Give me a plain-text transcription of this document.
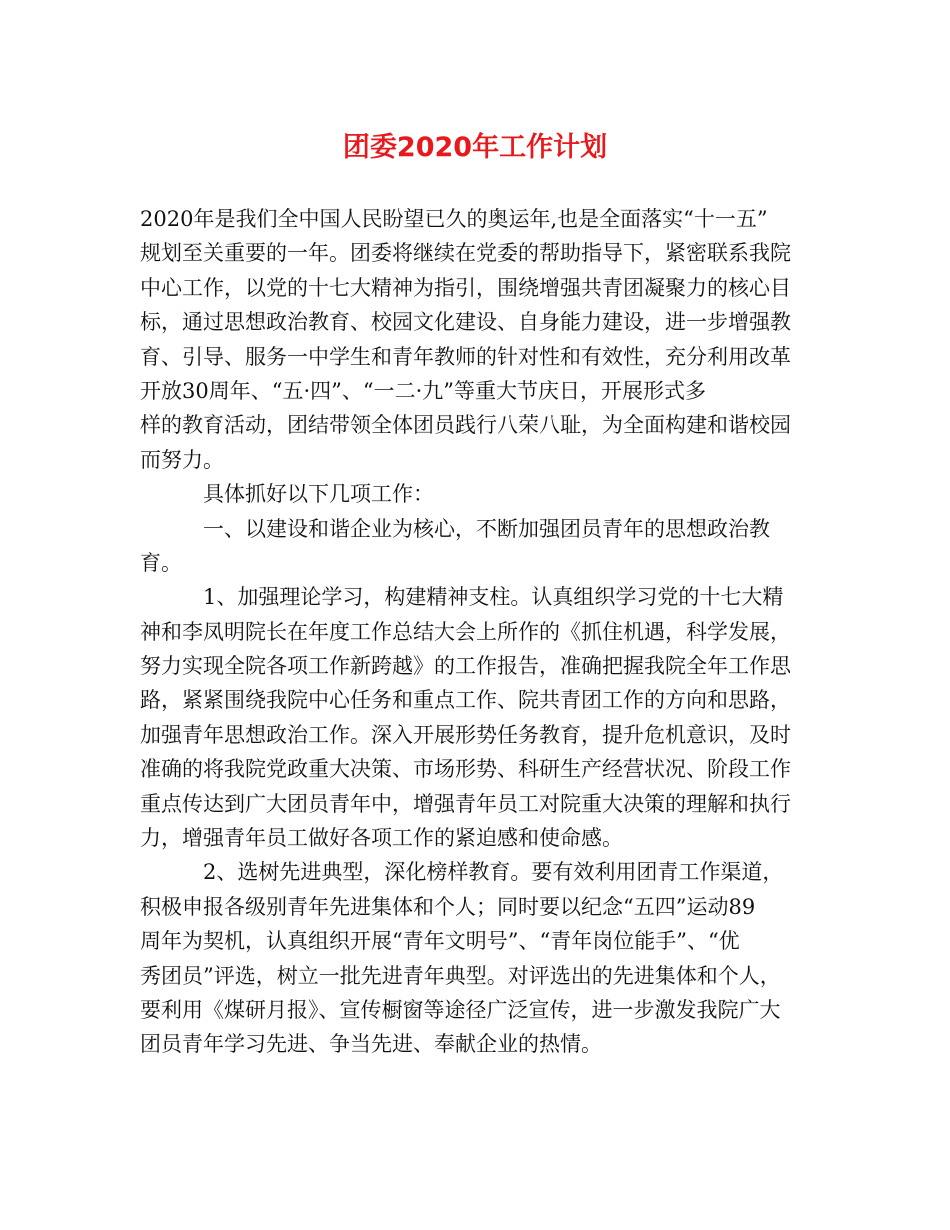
团委2020年工作计划
2020年是我们全中国人民盼望已久的奥运年,也是全面落实“十一五”
规划至关重要的一年。团委将继续在党委的帮助指导下，紧密联系我院
中心工作，以党的十七大精神为指引，围绕增强共青团凝聚力的核心目
标，通过思想政治教育、校园文化建设、自身能力建设，进一步增强教
育、引导、服务一中学生和青年教师的针对性和有效性，充分利用改革
开放30周年、“五·四”、“一二·九”等重大节庆日，开展形式多
样的教育活动，团结带领全体团员践行八荣八耻，为全面构建和谐校园
而努力。
　　　具体抓好以下几项工作：
　　　一、以建设和谐企业为核心，不断加强团员青年的思想政治教
育。
　　　1、加强理论学习，构建精神支柱。认真组织学习党的十七大精
神和李凤明院长在年度工作总结大会上所作的《抓住机遇，科学发展，
努力实现全院各项工作新跨越》的工作报告，准确把握我院全年工作思
路，紧紧围绕我院中心任务和重点工作、院共青团工作的方向和思路，
加强青年思想政治工作。深入开展形势任务教育，提升危机意识，及时
准确的将我院党政重大决策、市场形势、科研生产经营状况、阶段工作
重点传达到广大团员青年中，增强青年员工对院重大决策的理解和执行
力，增强青年员工做好各项工作的紧迫感和使命感。
　　　2、选树先进典型，深化榜样教育。要有效利用团青工作渠道，
积极申报各级别青年先进集体和个人；同时要以纪念“五四”运动89
周年为契机，认真组织开展“青年文明号”、“青年岗位能手”、“优
秀团员”评选，树立一批先进青年典型。对评选出的先进集体和个人，
要利用《煤研月报》、宣传橱窗等途径广泛宣传，进一步激发我院广大
团员青年学习先进、争当先进、奉献企业的热情。
